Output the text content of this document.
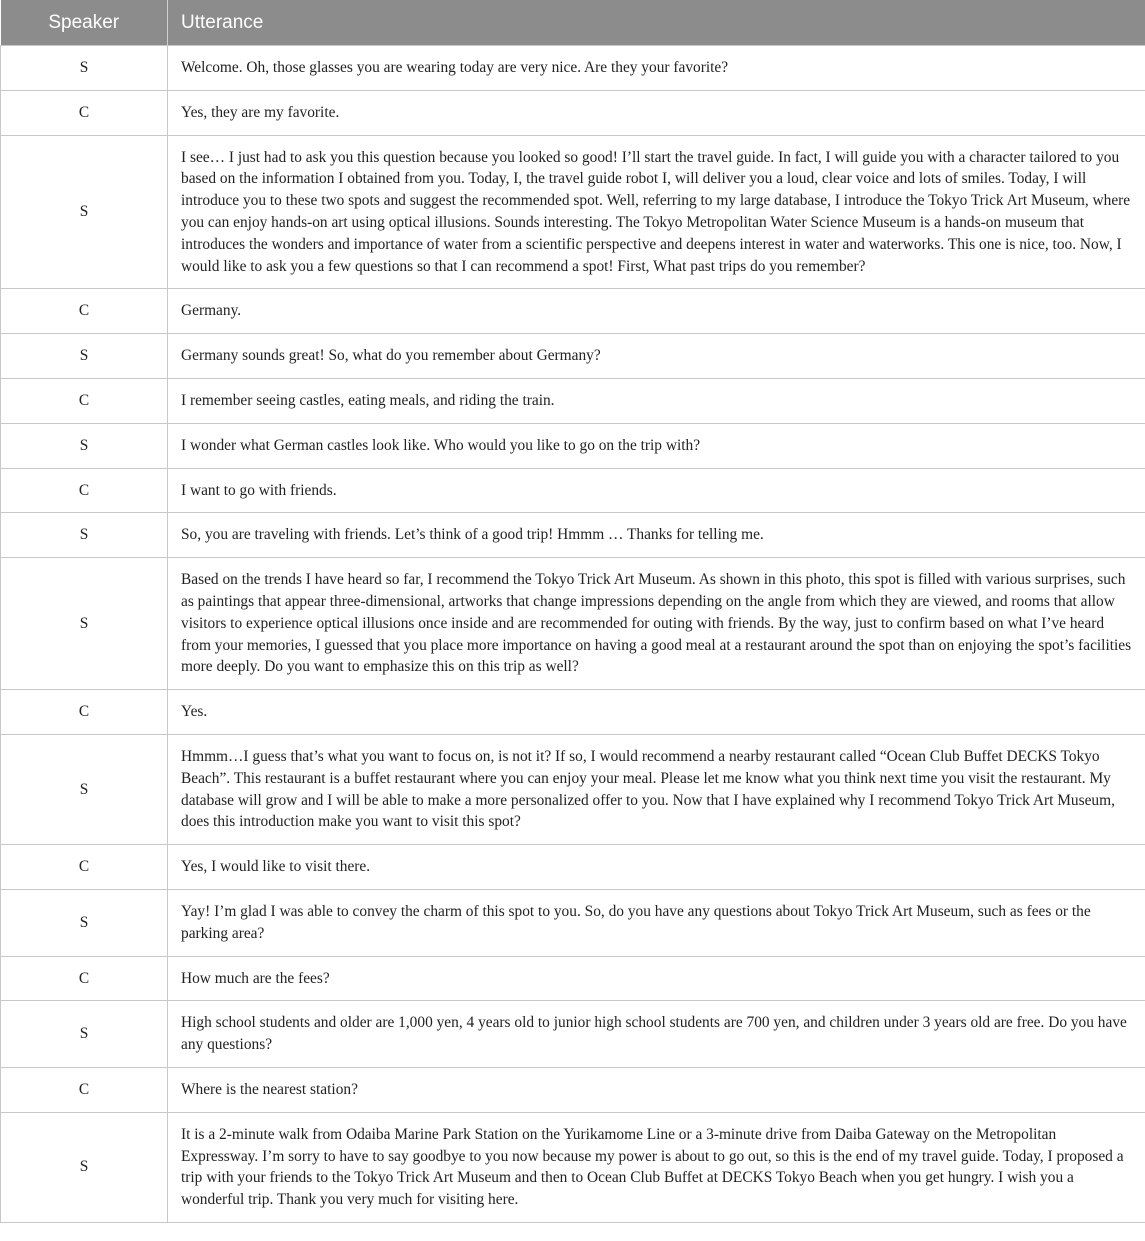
Speaker	Utterance
S	Welcome. Oh, those glasses you are wearing today are very nice. Are they your favorite?
C	Yes, they are my favorite.
S	I see… I just had to ask you this question because you looked so good! I’ll start the travel guide. In fact, I will guide you with a character tailored to you based on the information I obtained from you. Today, I, the travel guide robot I, will deliver you a loud, clear voice and lots of smiles. Today, I will introduce you to these two spots and suggest the recommended spot. Well, referring to my large database, I introduce the Tokyo Trick Art Museum, where you can enjoy hands-on art using optical illusions. Sounds interesting. The Tokyo Metropolitan Water Science Museum is a hands-on museum that introduces the wonders and importance of water from a scientific perspective and deepens interest in water and waterworks. This one is nice, too. Now, I would like to ask you a few questions so that I can recommend a spot! First, What past trips do you remember?
C	Germany.
S	Germany sounds great! So, what do you remember about Germany?
C	I remember seeing castles, eating meals, and riding the train.
S	I wonder what German castles look like. Who would you like to go on the trip with?
C	I want to go with friends.
S	So, you are traveling with friends. Let’s think of a good trip! Hmmm … Thanks for telling me.
S	Based on the trends I have heard so far, I recommend the Tokyo Trick Art Museum. As shown in this photo, this spot is filled with various surprises, such as paintings that appear three-dimensional, artworks that change impressions depending on the angle from which they are viewed, and rooms that allow visitors to experience optical illusions once inside and are recommended for outing with friends. By the way, just to confirm based on what I’ve heard from your memories, I guessed that you place more importance on having a good meal at a restaurant around the spot than on enjoying the spot’s facilities more deeply. Do you want to emphasize this on this trip as well?
C	Yes.
S	Hmmm…I guess that’s what you want to focus on, is not it? If so, I would recommend a nearby restaurant called “Ocean Club Buffet DECKS Tokyo Beach”. This restaurant is a buffet restaurant where you can enjoy your meal. Please let me know what you think next time you visit the restaurant. My database will grow and I will be able to make a more personalized offer to you. Now that I have explained why I recommend Tokyo Trick Art Museum, does this introduction make you want to visit this spot?
C	Yes, I would like to visit there.
S	Yay! I’m glad I was able to convey the charm of this spot to you. So, do you have any questions about Tokyo Trick Art Museum, such as fees or the parking area?
C	How much are the fees?
S	High school students and older are 1,000 yen, 4 years old to junior high school students are 700 yen, and children under 3 years old are free. Do you have any questions?
C	Where is the nearest station?
S	It is a 2-minute walk from Odaiba Marine Park Station on the Yurikamome Line or a 3-minute drive from Daiba Gateway on the Metropolitan Expressway. I’m sorry to have to say goodbye to you now because my power is about to go out, so this is the end of my travel guide. Today, I proposed a trip with your friends to the Tokyo Trick Art Museum and then to Ocean Club Buffet at DECKS Tokyo Beach when you get hungry. I wish you a wonderful trip. Thank you very much for visiting here.
